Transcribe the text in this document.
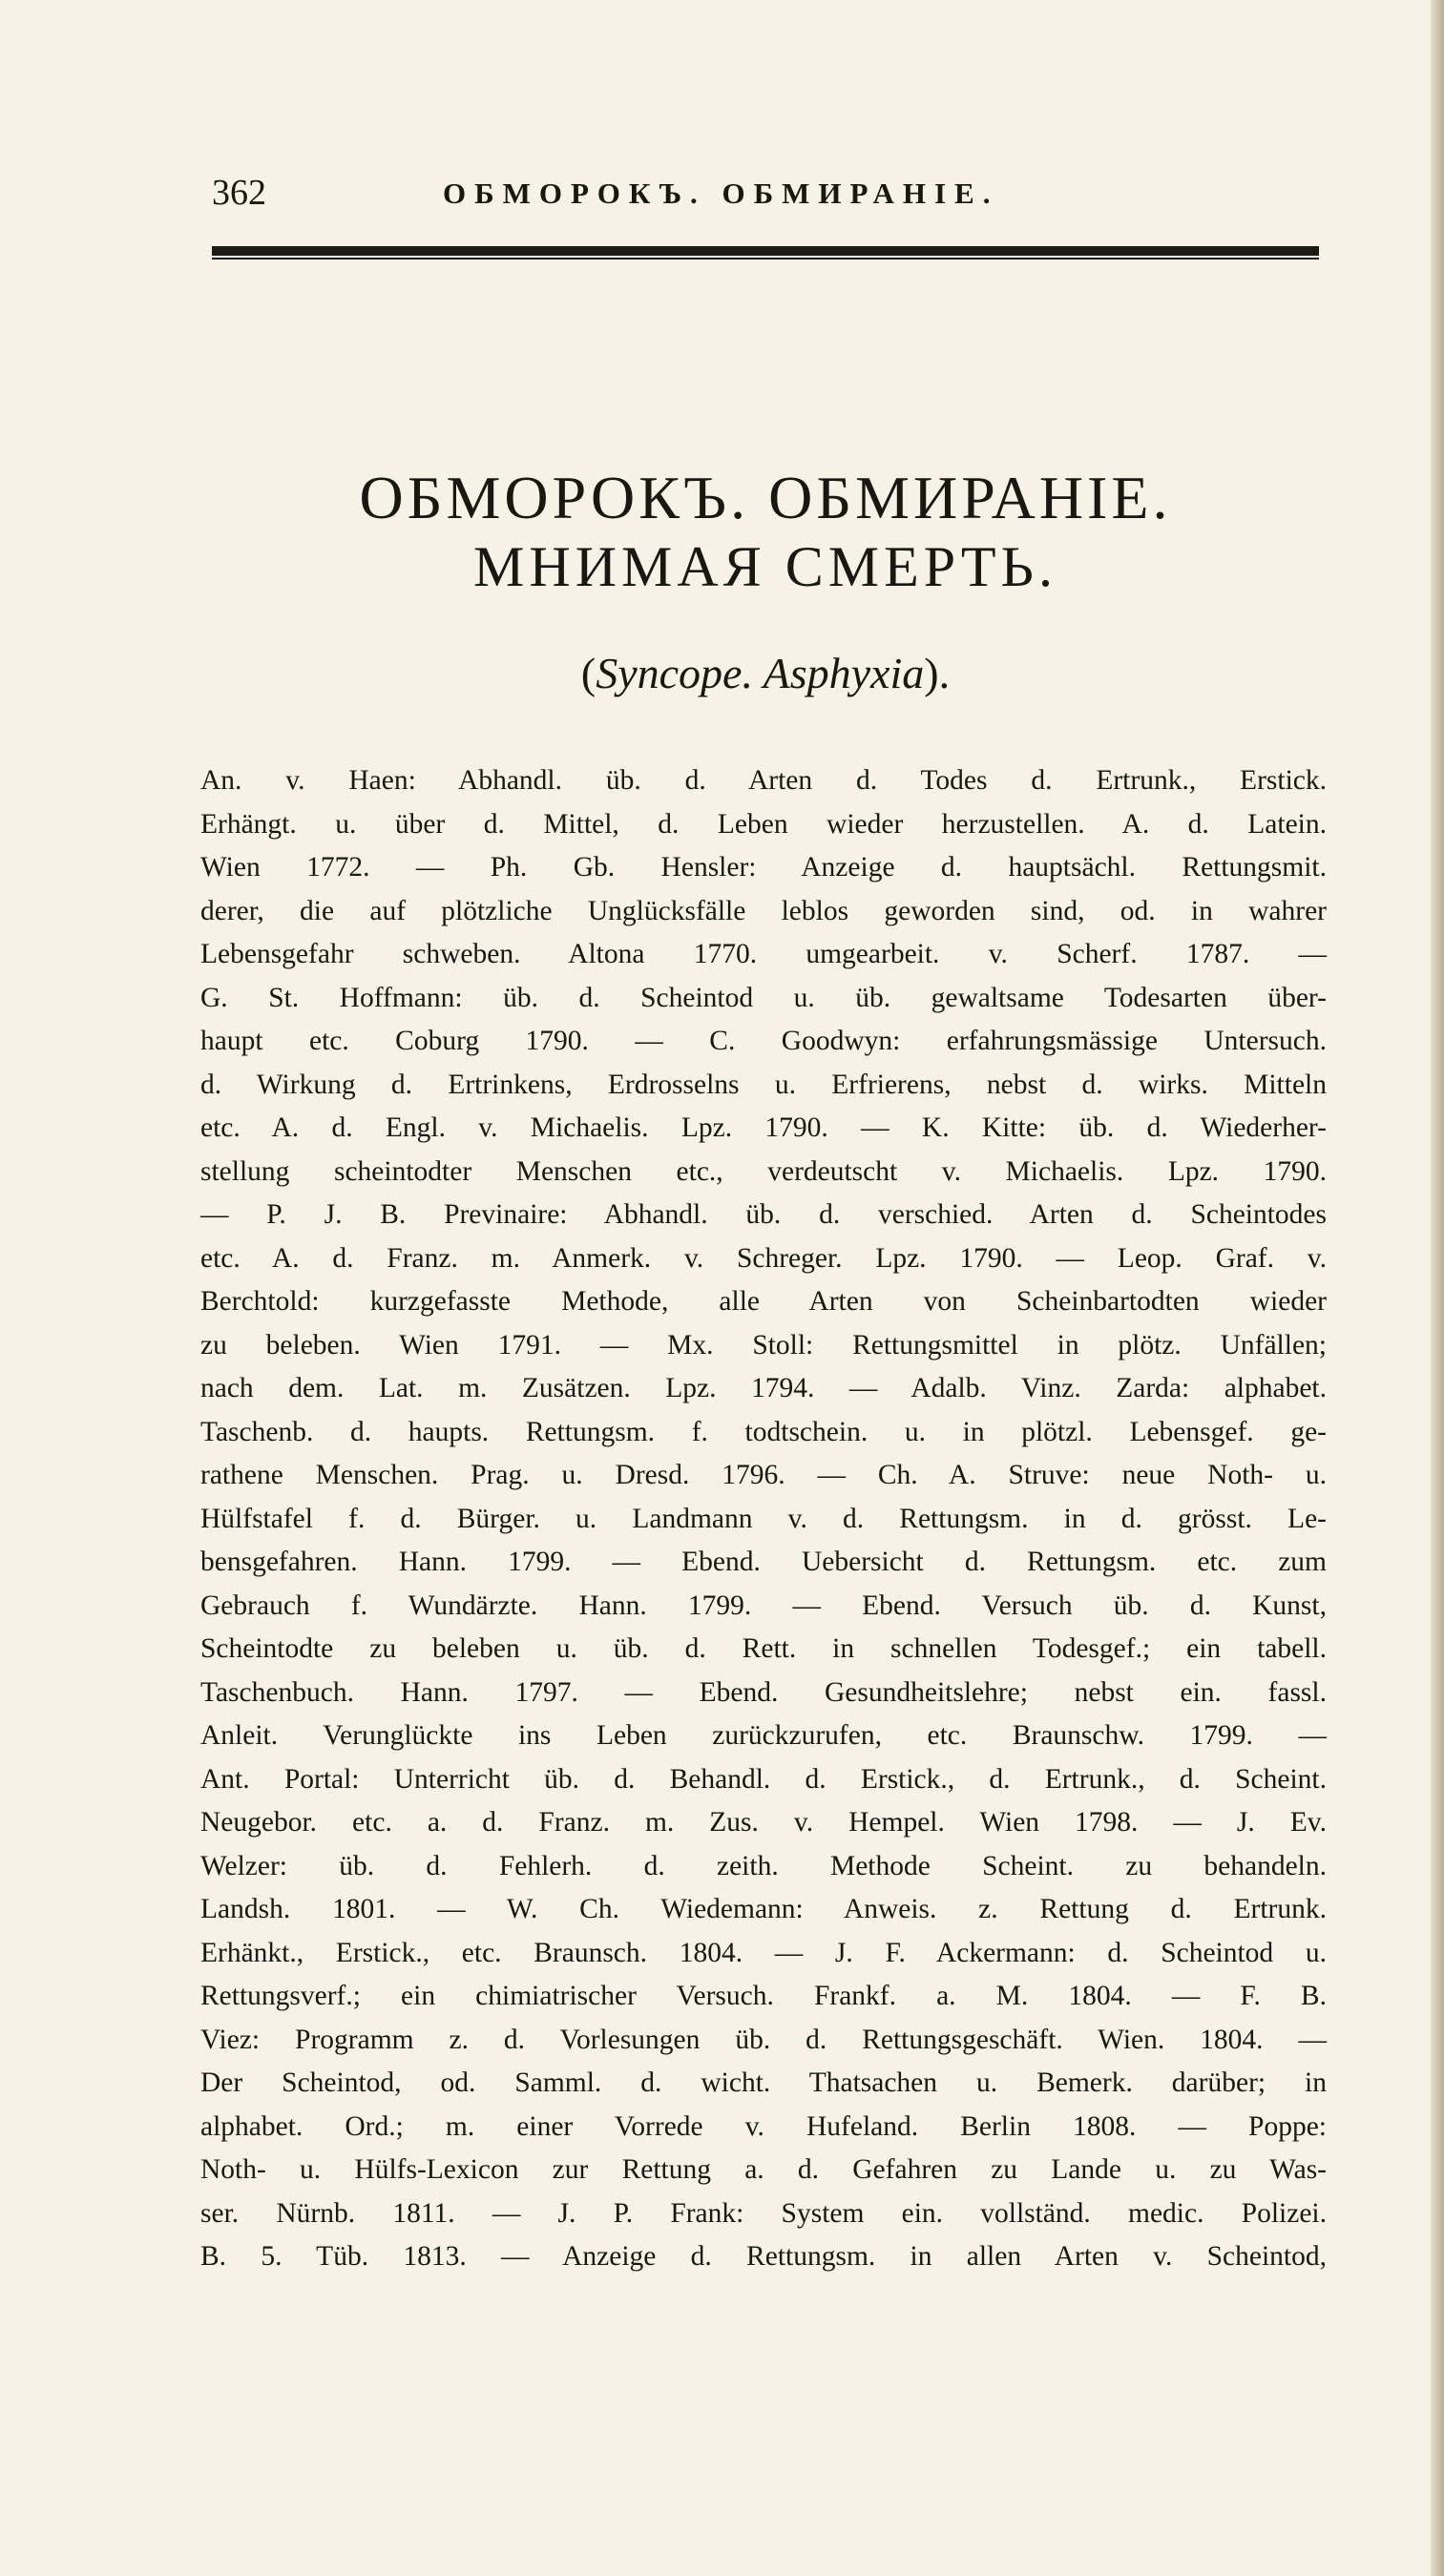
362	ОБМОРОКЪ. ОБМИРАНІЕ.
ОБМОРОКЪ. ОБМИРАНІЕ.
МНИМАЯ СМЕРТЬ.
(Syncope. Asphyxia).
An. v. Haen: Abhandl. üb. d. Arten d. Todes d. Ertrunk., Erstick.
Erhängt. u. über d. Mittel, d. Leben wieder herzustellen. A. d. Latein.
Wien 1772. — Ph. Gb. Hensler: Anzeige d. hauptsächl. Rettungsmit.
derer, die auf plötzliche Unglücksfälle leblos geworden sind, od. in wahrer
Lebensgefahr schweben. Altona 1770. umgearbeit. v. Scherf. 1787. —
G. St. Hoffmann: üb. d. Scheintod u. üb. gewaltsame Todesarten über-
haupt etc. Coburg 1790. — C. Goodwyn: erfahrungsmässige Untersuch.
d. Wirkung d. Ertrinkens, Erdrosselns u. Erfrierens, nebst d. wirks. Mitteln
etc. A. d. Engl. v. Michaelis. Lpz. 1790. — K. Kitte: üb. d. Wiederher-
stellung scheintodter Menschen etc., verdeutscht v. Michaelis. Lpz. 1790.
— P. J. B. Previnaire: Abhandl. üb. d. verschied. Arten d. Scheintodes
etc. A. d. Franz. m. Anmerk. v. Schreger. Lpz. 1790. — Leop. Graf. v.
Berchtold: kurzgefasste Methode, alle Arten von Scheinbartodten wieder
zu beleben. Wien 1791. — Mx. Stoll: Rettungsmittel in plötz. Unfällen;
nach dem. Lat. m. Zusätzen. Lpz. 1794. — Adalb. Vinz. Zarda: alphabet.
Taschenb. d. haupts. Rettungsm. f. todtschein. u. in plötzl. Lebensgef. ge-
rathene Menschen. Prag. u. Dresd. 1796. — Ch. A. Struve: neue Noth- u.
Hülfstafel f. d. Bürger. u. Landmann v. d. Rettungsm. in d. grösst. Le-
bensgefahren. Hann. 1799. — Ebend. Uebersicht d. Rettungsm. etc. zum
Gebrauch f. Wundärzte. Hann. 1799. — Ebend. Versuch üb. d. Kunst,
Scheintodte zu beleben u. üb. d. Rett. in schnellen Todesgef.; ein tabell.
Taschenbuch. Hann. 1797. — Ebend. Gesundheitslehre; nebst ein. fassl.
Anleit. Verunglückte ins Leben zurückzurufen, etc. Braunschw. 1799. —
Ant. Portal: Unterricht üb. d. Behandl. d. Erstick., d. Ertrunk., d. Scheint.
Neugebor. etc. a. d. Franz. m. Zus. v. Hempel. Wien 1798. — J. Ev.
Welzer: üb. d. Fehlerh. d. zeith. Methode Scheint. zu behandeln.
Landsh. 1801. — W. Ch. Wiedemann: Anweis. z. Rettung d. Ertrunk.
Erhänkt., Erstick., etc. Braunsch. 1804. — J. F. Ackermann: d. Scheintod u.
Rettungsverf.; ein chimiatrischer Versuch. Frankf. a. M. 1804. — F. B.
Viez: Programm z. d. Vorlesungen üb. d. Rettungsgeschäft. Wien. 1804. —
Der Scheintod, od. Samml. d. wicht. Thatsachen u. Bemerk. darüber; in
alphabet. Ord.; m. einer Vorrede v. Hufeland. Berlin 1808. — Poppe:
Noth- u. Hülfs-Lexicon zur Rettung a. d. Gefahren zu Lande u. zu Was-
ser. Nürnb. 1811. — J. P. Frank: System ein. vollständ. medic. Polizei.
B. 5. Tüb. 1813. — Anzeige d. Rettungsm. in allen Arten v. Scheintod,
